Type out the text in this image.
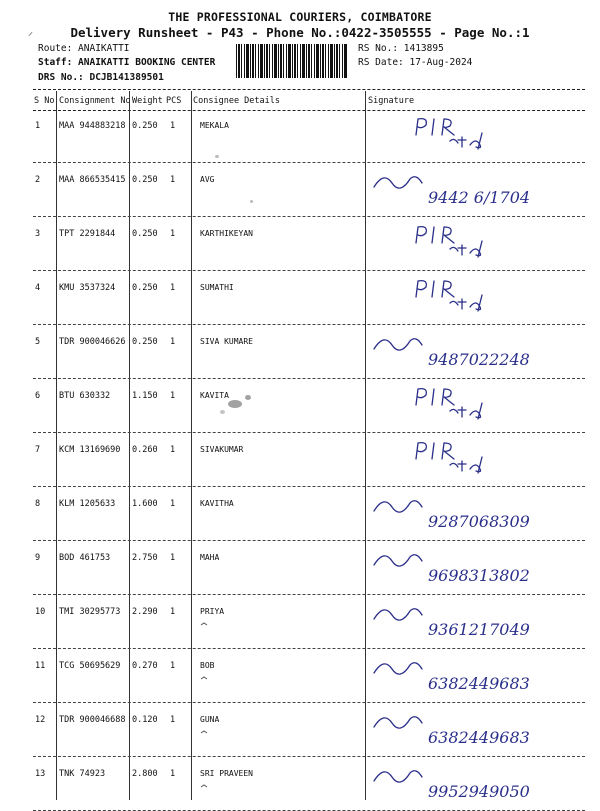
⸝
THE PROFESSIONAL COURIERS, COIMBATORE
Delivery Runsheet - P43 - Phone No.:0422-3505555 - Page No.:1
Route: ANAIKATTI
Staff: ANAIKATTI BOOKING CENTER
DRS No.: DCJB141389501
RS No.: 1413895
RS Date: 17-Aug-2024
S No Consignment No Weight PCS Consignee Details	Signature
1 MAA 944883218 0.250 1	MEKALA
2 MAA 866535415 0.250 1	AVG
9442 6/1704
3 TPT 2291844 0.250 1	KARTHIKEYAN
4 KMU 3537324 0.250 1	SUMATHI
5 TDR 900046626 0.250 1	SIVA KUMARE
9487022248
6 BTU 630332	1.150 1	KAVITA
7 KCM 13169690 0.260 1	SIVAKUMAR
8 KLM 1205633 1.600 1	KAVITHA
9287068309
9 BOD 461753	2.750 1	MAHA
9698313802
10 TMI 30295773 2.290 1	PRIYA
9361217049
11 TCG 50695629 0.270 1	BOB
6382449683
12 TDR 900046688 0.120 1	GUNA
6382449683
13 TNK 74923	2.800 1	SRI PRAVEEN
9952949050
